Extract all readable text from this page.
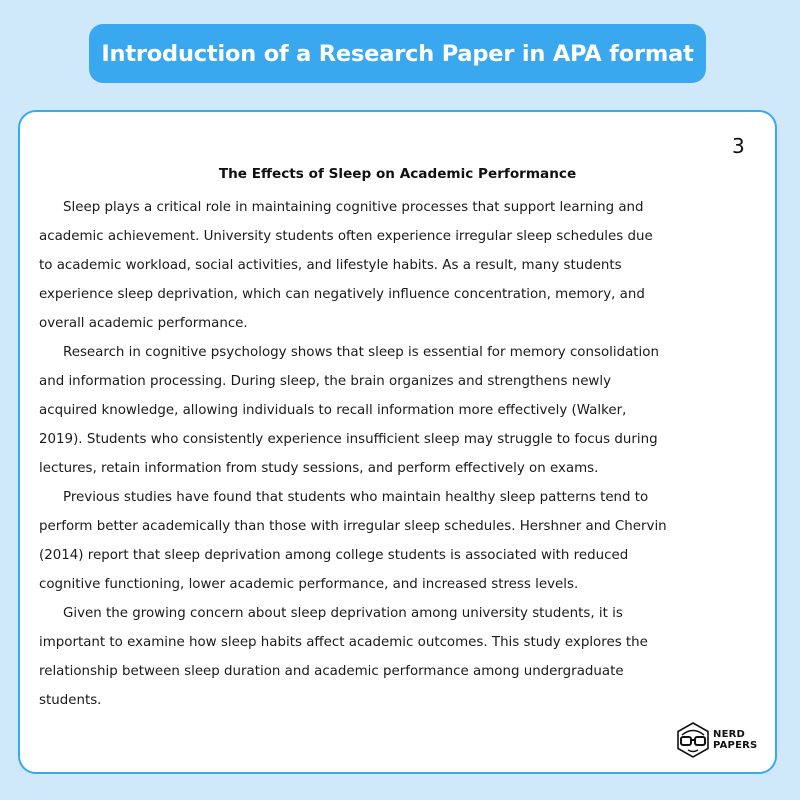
Introduction of a Research Paper in APA format
3
The Effects of Sleep on Academic Performance
Sleep plays a critical role in maintaining cognitive processes that support learning and
academic achievement. University students often experience irregular sleep schedules due
to academic workload, social activities, and lifestyle habits. As a result, many students
experience sleep deprivation, which can negatively influence concentration, memory, and
overall academic performance.
Research in cognitive psychology shows that sleep is essential for memory consolidation
and information processing. During sleep, the brain organizes and strengthens newly
acquired knowledge, allowing individuals to recall information more effectively (Walker,
2019). Students who consistently experience insufficient sleep may struggle to focus during
lectures, retain information from study sessions, and perform effectively on exams.
Previous studies have found that students who maintain healthy sleep patterns tend to
perform better academically than those with irregular sleep schedules. Hershner and Chervin
(2014) report that sleep deprivation among college students is associated with reduced
cognitive functioning, lower academic performance, and increased stress levels.
Given the growing concern about sleep deprivation among university students, it is
important to examine how sleep habits affect academic outcomes. This study explores the
relationship between sleep duration and academic performance among undergraduate
students.
NERD
PAPERS
